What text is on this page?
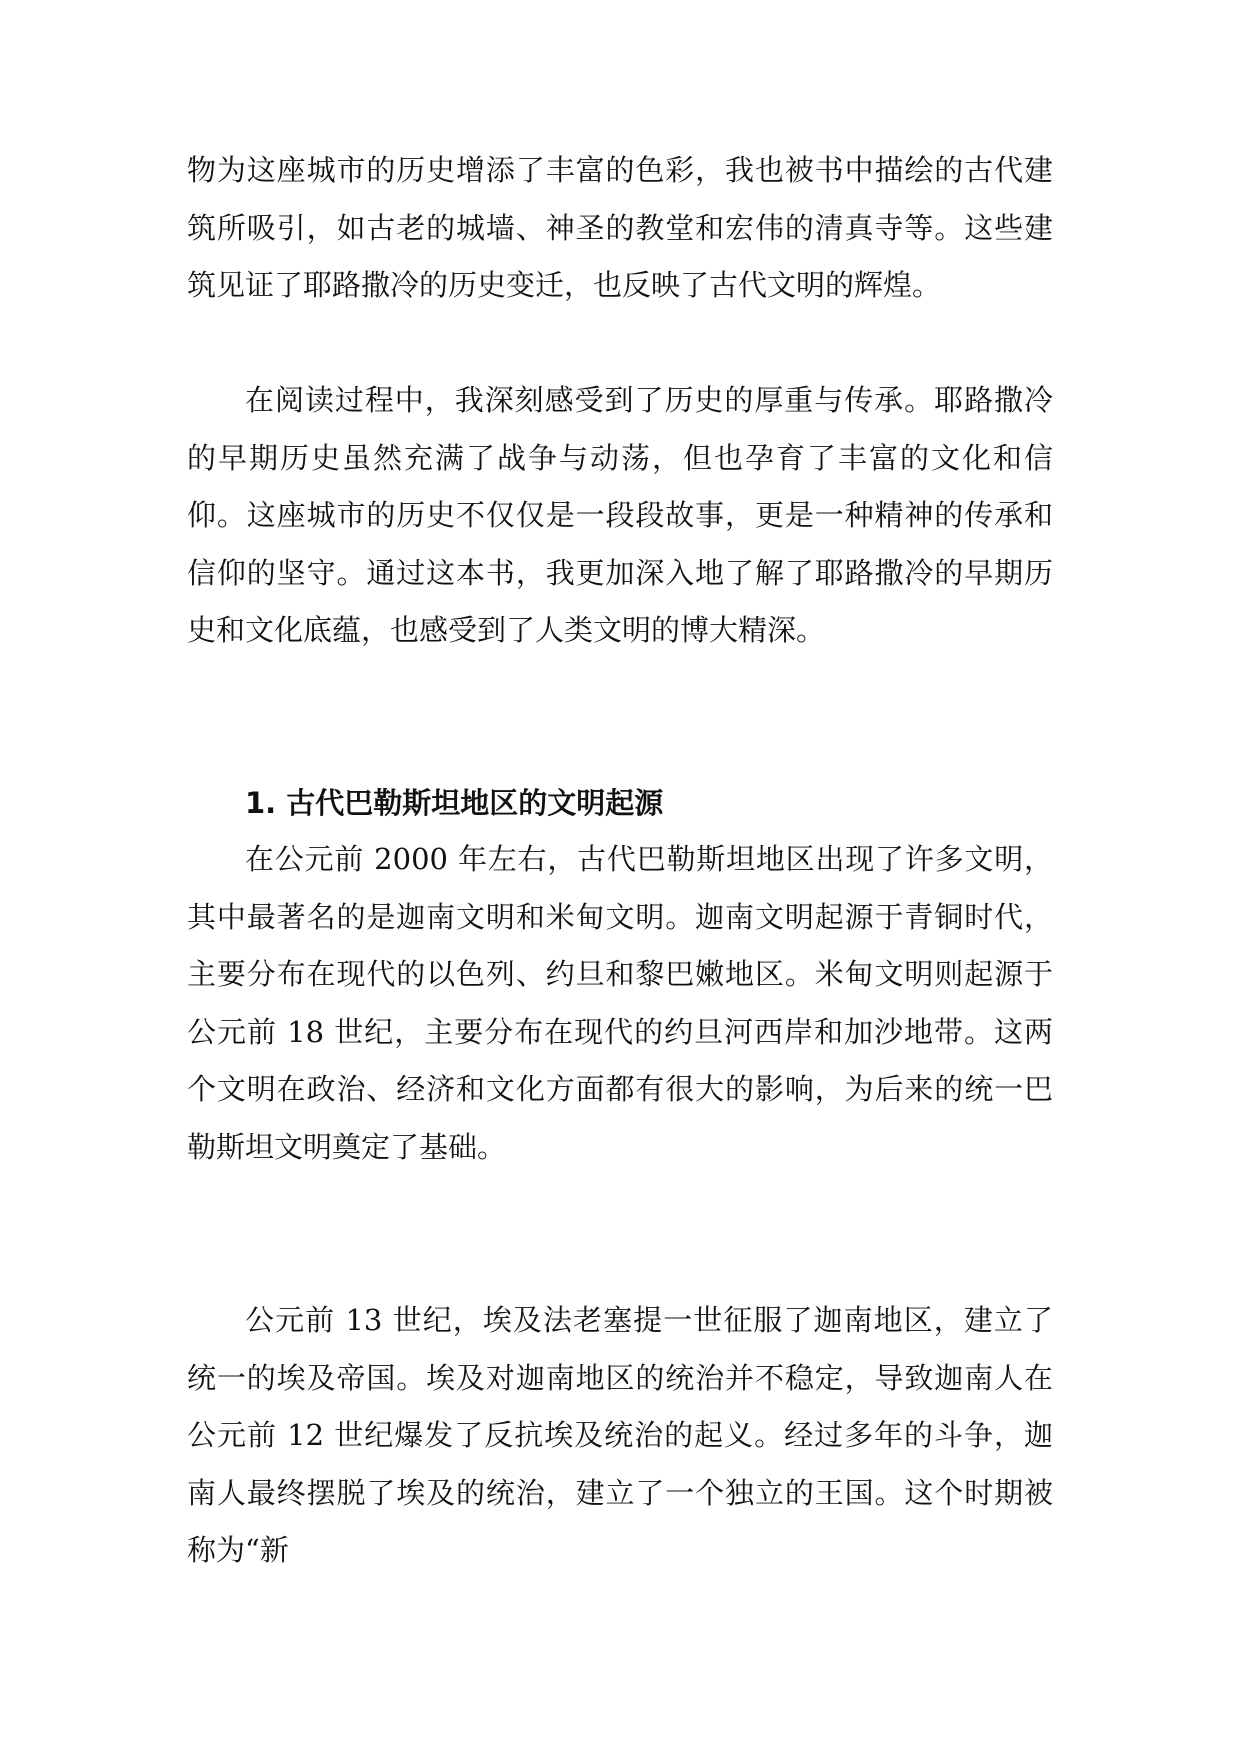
物为这座城市的历史增添了丰富的色彩，我也被书中描绘的古代建筑所吸引，如古老的城墙、神圣的教堂和宏伟的清真寺等。这些建筑见证了耶路撒冷的历史变迁，也反映了古代文明的辉煌。

在阅读过程中，我深刻感受到了历史的厚重与传承。耶路撒冷的早期历史虽然充满了战争与动荡，但也孕育了丰富的文化和信仰。这座城市的历史不仅仅是一段段故事，更是一种精神的传承和信仰的坚守。通过这本书，我更加深入地了解了耶路撒冷的早期历史和文化底蕴，也感受到了人类文明的博大精深。

1. 古代巴勒斯坦地区的文明起源

在公元前 2000 年左右，古代巴勒斯坦地区出现了许多文明，其中最著名的是迦南文明和米甸文明。迦南文明起源于青铜时代，主要分布在现代的以色列、约旦和黎巴嫩地区。米甸文明则起源于公元前 18 世纪，主要分布在现代的约旦河西岸和加沙地带。这两个文明在政治、经济和文化方面都有很大的影响，为后来的统一巴勒斯坦文明奠定了基础。

公元前 13 世纪，埃及法老塞提一世征服了迦南地区，建立了统一的埃及帝国。埃及对迦南地区的统治并不稳定，导致迦南人在公元前 12 世纪爆发了反抗埃及统治的起义。经过多年的斗争，迦南人最终摆脱了埃及的统治，建立了一个独立的王国。这个时期被称为“新
